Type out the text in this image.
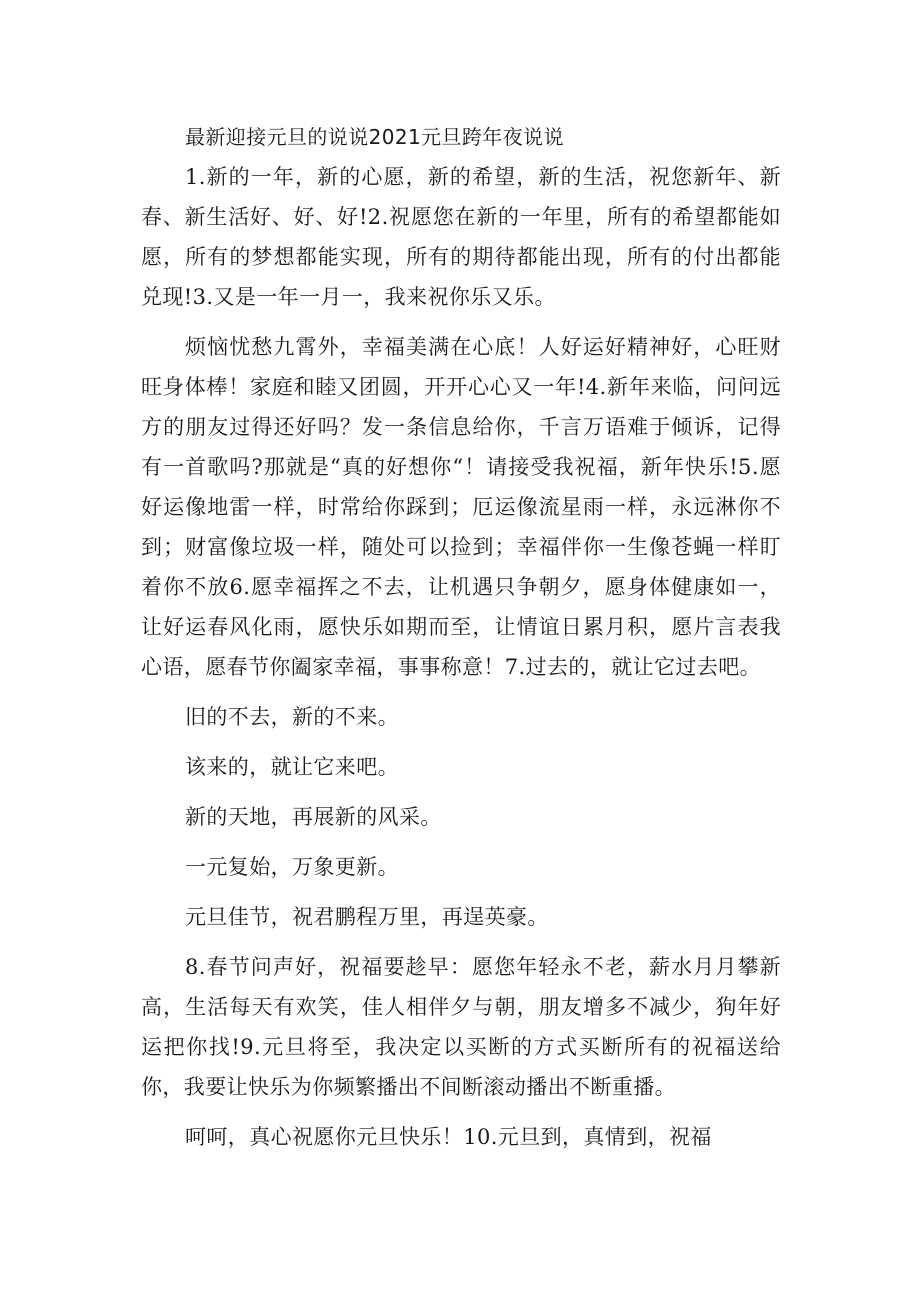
最新迎接元旦的说说2021元旦跨年夜说说

1.新的一年，新的心愿，新的希望，新的生活，祝您新年、新春、新生活好、好、好!2.祝愿您在新的一年里，所有的希望都能如愿，所有的梦想都能实现，所有的期待都能出现，所有的付出都能兑现!3.又是一年一月一，我来祝你乐又乐。

烦恼忧愁九霄外，幸福美满在心底！人好运好精神好，心旺财旺身体棒！家庭和睦又团圆，开开心心又一年!4.新年来临，问问远方的朋友过得还好吗？发一条信息给你，千言万语难于倾诉，记得有一首歌吗?那就是“真的好想你“！请接受我祝福，新年快乐!5.愿好运像地雷一样，时常给你踩到；厄运像流星雨一样，永远淋你不到；财富像垃圾一样，随处可以捡到；幸福伴你一生像苍蝇一样盯着你不放6.愿幸福挥之不去，让机遇只争朝夕，愿身体健康如一，让好运春风化雨，愿快乐如期而至，让情谊日累月积，愿片言表我心语，愿春节你阖家幸福，事事称意！7.过去的，就让它过去吧。

旧的不去，新的不来。

该来的，就让它来吧。

新的天地，再展新的风采。

一元复始，万象更新。

元旦佳节，祝君鹏程万里，再逞英豪。

8.春节问声好，祝福要趁早：愿您年轻永不老，薪水月月攀新高，生活每天有欢笑，佳人相伴夕与朝，朋友增多不减少，狗年好运把你找!9.元旦将至，我决定以买断的方式买断所有的祝福送给你，我要让快乐为你频繁播出不间断滚动播出不断重播。

呵呵，真心祝愿你元旦快乐！10.元旦到，真情到，祝福
